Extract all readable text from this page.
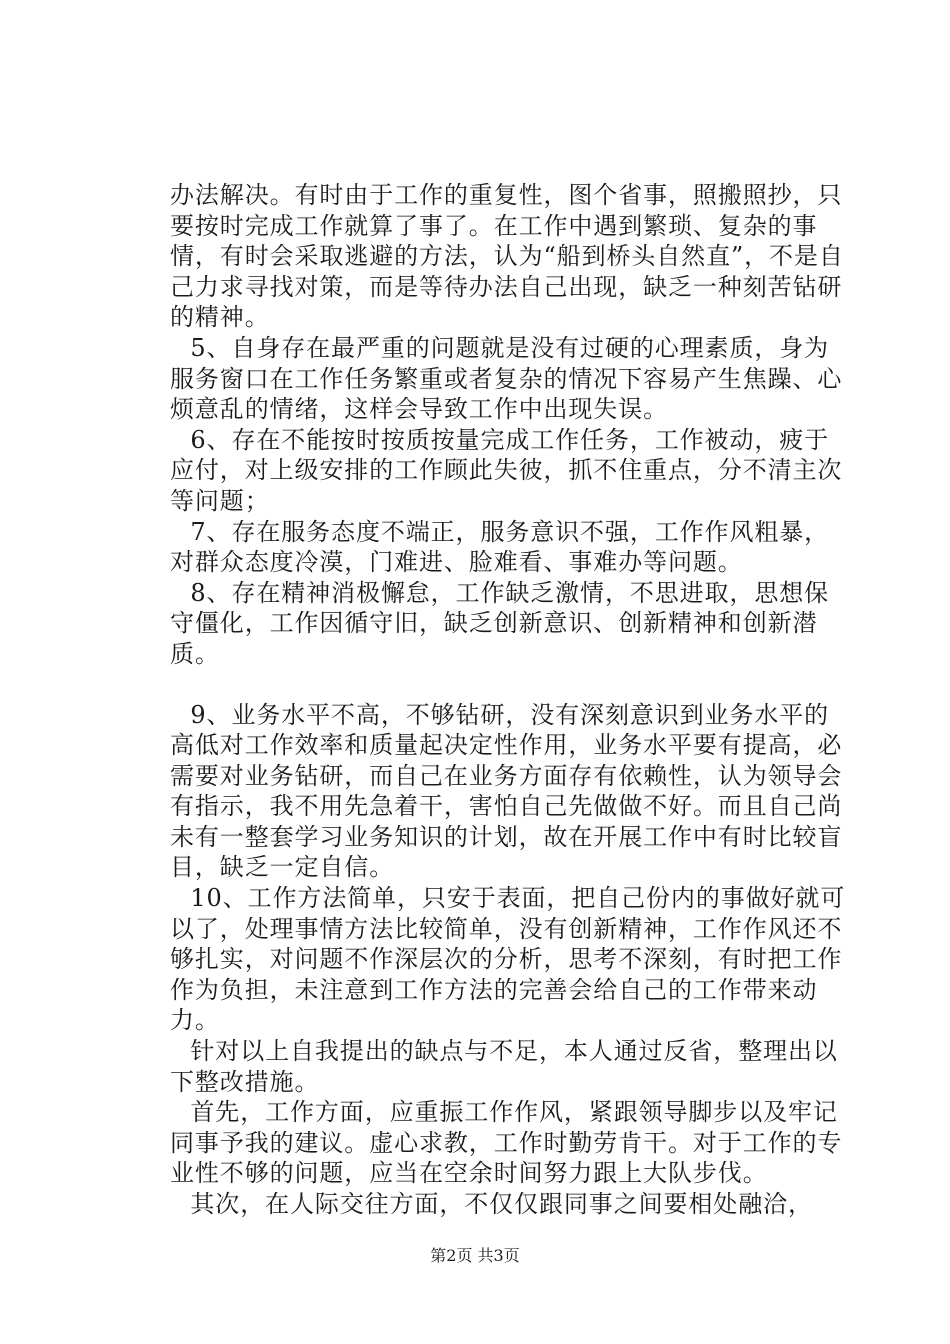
办法解决。有时由于工作的重复性，图个省事，照搬照抄，只要按时完成工作就算了事了。在工作中遇到繁琐、复杂的事情，有时会采取逃避的方法，认为“船到桥头自然直”，不是自己力求寻找对策，而是等待办法自己出现，缺乏一种刻苦钻研的精神。

5、自身存在最严重的问题就是没有过硬的心理素质，身为服务窗口在工作任务繁重或者复杂的情况下容易产生焦躁、心烦意乱的情绪，这样会导致工作中出现失误。

6、存在不能按时按质按量完成工作任务，工作被动，疲于应付，对上级安排的工作顾此失彼，抓不住重点，分不清主次等问题；

7、存在服务态度不端正，服务意识不强，工作作风粗暴，对群众态度冷漠，门难进、脸难看、事难办等问题。

8、存在精神消极懈怠，工作缺乏激情，不思进取，思想保守僵化，工作因循守旧，缺乏创新意识、创新精神和创新潜质。

9、业务水平不高，不够钻研，没有深刻意识到业务水平的高低对工作效率和质量起决定性作用，业务水平要有提高，必需要对业务钻研，而自己在业务方面存有依赖性，认为领导会有指示，我不用先急着干，害怕自己先做做不好。而且自己尚未有一整套学习业务知识的计划，故在开展工作中有时比较盲目，缺乏一定自信。

10、工作方法简单，只安于表面，把自己份内的事做好就可以了，处理事情方法比较简单，没有创新精神，工作作风还不够扎实，对问题不作深层次的分析，思考不深刻，有时把工作作为负担，未注意到工作方法的完善会给自己的工作带来动力。

针对以上自我提出的缺点与不足，本人通过反省，整理出以下整改措施。

首先，工作方面，应重振工作作风，紧跟领导脚步以及牢记同事予我的建议。虚心求教，工作时勤劳肯干。对于工作的专业性不够的问题，应当在空余时间努力跟上大队步伐。

其次，在人际交往方面，不仅仅跟同事之间要相处融洽，

第2页 共3页
